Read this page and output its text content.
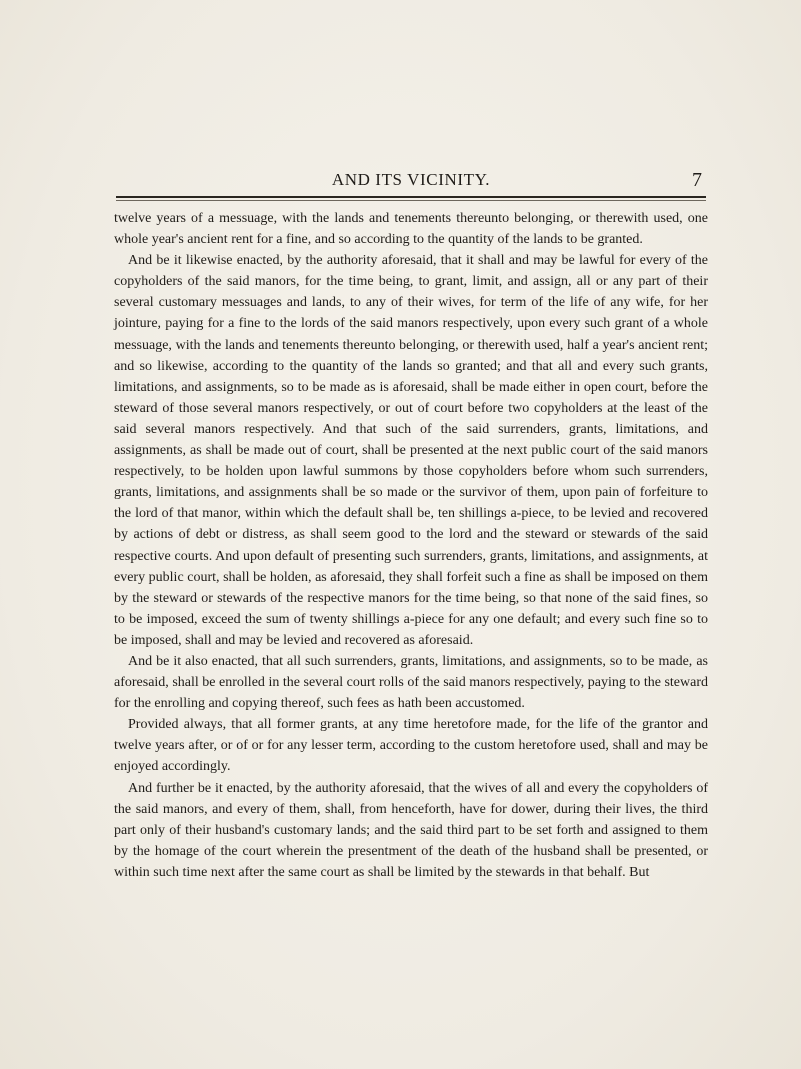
AND ITS VICINITY.	7

twelve years of a messuage, with the lands and tenements thereunto belonging, or therewith used, one whole year's ancient rent for a fine, and so according to the quantity of the lands to be granted.

And be it likewise enacted, by the authority aforesaid, that it shall and may be lawful for every of the copyholders of the said manors, for the time being, to grant, limit, and assign, all or any part of their several customary messuages and lands, to any of their wives, for term of the life of any wife, for her jointure, paying for a fine to the lords of the said manors respectively, upon every such grant of a whole messuage, with the lands and tenements thereunto belonging, or therewith used, half a year's ancient rent; and so likewise, according to the quantity of the lands so granted; and that all and every such grants, limitations, and assignments, so to be made as is aforesaid, shall be made either in open court, before the steward of those several manors respectively, or out of court before two copyholders at the least of the said several manors respectively. And that such of the said surrenders, grants, limitations, and assignments, as shall be made out of court, shall be presented at the next public court of the said manors respectively, to be holden upon lawful summons by those copyholders before whom such surrenders, grants, limitations, and assignments shall be so made or the survivor of them, upon pain of forfeiture to the lord of that manor, within which the default shall be, ten shillings a-piece, to be levied and recovered by actions of debt or distress, as shall seem good to the lord and the steward or stewards of the said respective courts. And upon default of presenting such surrenders, grants, limitations, and assignments, at every public court, shall be holden, as aforesaid, they shall forfeit such a fine as shall be imposed on them by the steward or stewards of the respective manors for the time being, so that none of the said fines, so to be imposed, exceed the sum of twenty shillings a-piece for any one default; and every such fine so to be imposed, shall and may be levied and recovered as aforesaid.

And be it also enacted, that all such surrenders, grants, limitations, and assignments, so to be made, as aforesaid, shall be enrolled in the several court rolls of the said manors respectively, paying to the steward for the enrolling and copying thereof, such fees as hath been accustomed.

Provided always, that all former grants, at any time heretofore made, for the life of the grantor and twelve years after, or of or for any lesser term, according to the custom heretofore used, shall and may be enjoyed accordingly.

And further be it enacted, by the authority aforesaid, that the wives of all and every the copyholders of the said manors, and every of them, shall, from henceforth, have for dower, during their lives, the third part only of their husband's customary lands; and the said third part to be set forth and assigned to them by the homage of the court wherein the presentment of the death of the husband shall be presented, or within such time next after the same court as shall be limited by the stewards in that behalf. But
